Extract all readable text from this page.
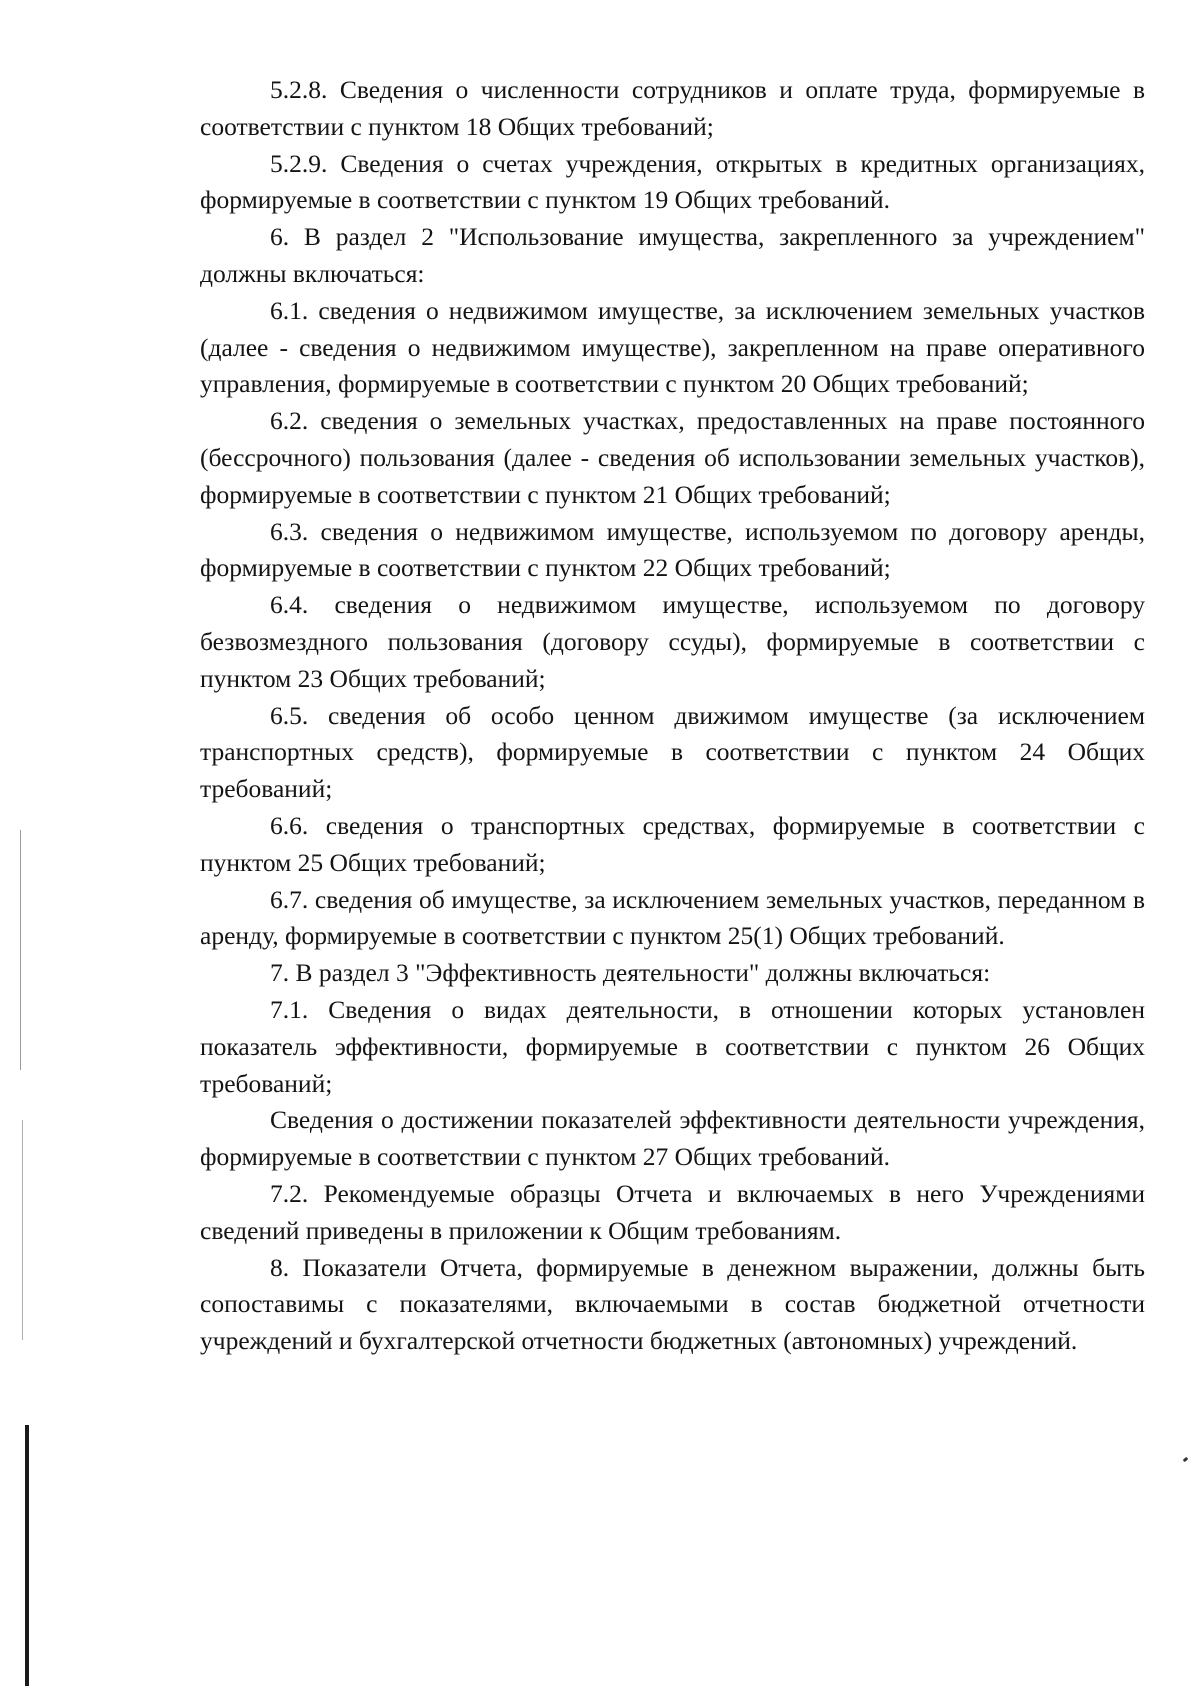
5.2.8. Сведения о численности сотрудников и оплате труда, формируемые в соответствии с пунктом 18 Общих требований;

5.2.9. Сведения о счетах учреждения, открытых в кредитных организациях, формируемые в соответствии с пунктом 19 Общих требований.

6. В раздел 2 "Использование имущества, закрепленного за учреждением" должны включаться:

6.1. сведения о недвижимом имуществе, за исключением земельных участков (далее - сведения о недвижимом имуществе), закрепленном на праве оперативного управления, формируемые в соответствии с пунктом 20 Общих требований;

6.2. сведения о земельных участках, предоставленных на праве постоянного (бессрочного) пользования (далее - сведения об использовании земельных участков), формируемые в соответствии с пунктом 21 Общих требований;

6.3. сведения о недвижимом имуществе, используемом по договору аренды, формируемые в соответствии с пунктом 22 Общих требований;

6.4. сведения о недвижимом имуществе, используемом по договору безвозмездного пользования (договору ссуды), формируемые в соответствии с пунктом 23 Общих требований;

6.5. сведения об особо ценном движимом имуществе (за исключением транспортных средств), формируемые в соответствии с пунктом 24 Общих требований;

6.6. сведения о транспортных средствах, формируемые в соответствии с пунктом 25 Общих требований;

6.7. сведения об имуществе, за исключением земельных участков, переданном в аренду, формируемые в соответствии с пунктом 25(1) Общих требований.

7. В раздел 3 "Эффективность деятельности" должны включаться:

7.1. Сведения о видах деятельности, в отношении которых установлен показатель эффективности, формируемые в соответствии с пунктом 26 Общих требований;

Сведения о достижении показателей эффективности деятельности учреждения, формируемые в соответствии с пунктом 27 Общих требований.

7.2. Рекомендуемые образцы Отчета и включаемых в него Учреждениями сведений приведены в приложении к Общим требованиям.

8. Показатели Отчета, формируемые в денежном выражении, должны быть сопоставимы с показателями, включаемыми в состав бюджетной отчетности учреждений и бухгалтерской отчетности бюджетных (автономных) учреждений.
